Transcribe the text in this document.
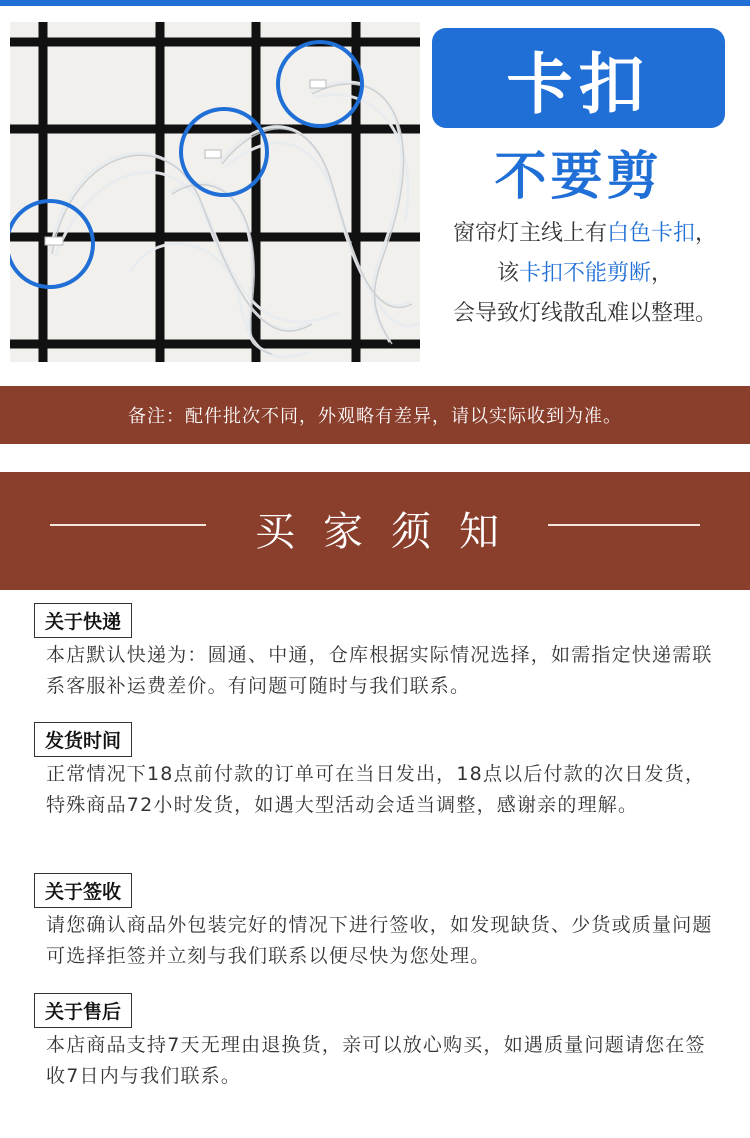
卡扣
不要剪
窗帘灯主线上有白色卡扣，
该卡扣不能剪断，
会导致灯线散乱难以整理。
备注：配件批次不同，外观略有差异，请以实际收到为准。
买家须知
关于快递
本店默认快递为：圆通、中通，仓库根据实际情况选择，如需指定快递需联系客服补运费差价。有问题可随时与我们联系。
发货时间
正常情况下18点前付款的订单可在当日发出，18点以后付款的次日发货，特殊商品72小时发货，如遇大型活动会适当调整，感谢亲的理解。
关于签收
请您确认商品外包装完好的情况下进行签收，如发现缺货、少货或质量问题可选择拒签并立刻与我们联系以便尽快为您处理。
关于售后
本店商品支持7天无理由退换货，亲可以放心购买，如遇质量问题请您在签收7日内与我们联系。
